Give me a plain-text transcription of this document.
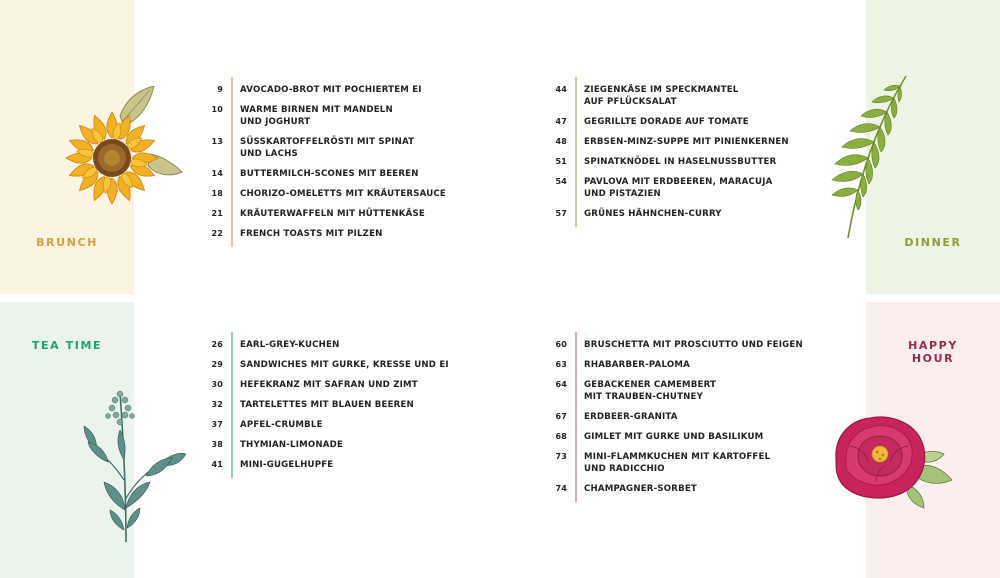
BRUNCH
TEA TIME
DINNER
HAPPY
HOUR
9 AVOCADO-BROT MIT POCHIERTEM EI
10 WARME BIRNEN MIT MANDELN
UND JOGHURT
13 SÜSSKARTOFFELRÖSTI MIT SPINAT
UND LACHS
14 BUTTERMILCH-SCONES MIT BEEREN
18 CHORIZO-OMELETTS MIT KRÄUTERSAUCE
21 KRÄUTERWAFFELN MIT HÜTTENKÄSE
22 FRENCH TOASTS MIT PILZEN
44 ZIEGENKÄSE IM SPECKMANTEL
AUF PFLÜCKSALAT
47 GEGRILLTE DORADE AUF TOMATE
48 ERBSEN-MINZ-SUPPE MIT PINIENKERNEN
51 SPINATKNÖDEL IN HASELNUSSBUTTER
54 PAVLOVA MIT ERDBEEREN, MARACUJA
UND PISTAZIEN
57 GRÜNES HÄHNCHEN-CURRY
26 EARL-GREY-KUCHEN
29 SANDWICHES MIT GURKE, KRESSE UND EI
30 HEFEKRANZ MIT SAFRAN UND ZIMT
32 TARTELETTES MIT BLAUEN BEEREN
37 APFEL-CRUMBLE
38 THYMIAN-LIMONADE
41 MINI-GUGELHUPFE
60 BRUSCHETTA MIT PROSCIUTTO UND FEIGEN
63 RHABARBER-PALOMA
64 GEBACKENER CAMEMBERT
MIT TRAUBEN-CHUTNEY
67 ERDBEER-GRANITA
68 GIMLET MIT GURKE UND BASILIKUM
73 MINI-FLAMMKUCHEN MIT KARTOFFEL
UND RADICCHIO
74 CHAMPAGNER-SORBET
